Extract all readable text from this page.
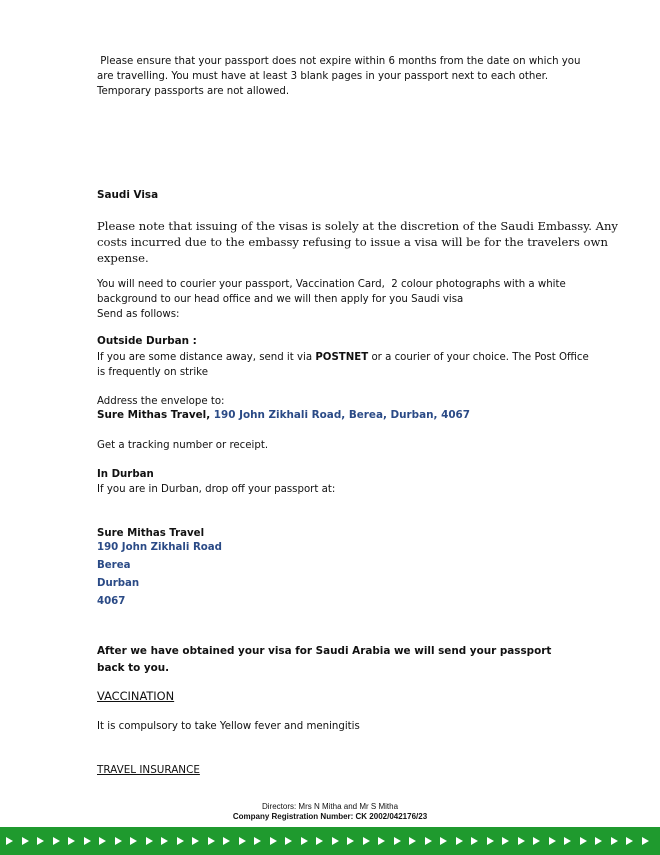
Please ensure that your passport does not expire within 6 months from the date on which you
are travelling. You must have at least 3 blank pages in your passport next to each other.
Temporary passports are not allowed.
Saudi Visa
Please note that issuing of the visas is solely at the discretion of the Saudi Embassy. Any
costs incurred due to the embassy refusing to issue a visa will be for the travelers own
expense.
You will need to courier your passport, Vaccination Card,  2 colour photographs with a white
background to our head office and we will then apply for you Saudi visa
Send as follows:
Outside Durban :
If you are some distance away, send it via POSTNET or a courier of your choice. The Post Office
is frequently on strike
Address the envelope to:
Sure Mithas Travel, 190 John Zikhali Road, Berea, Durban, 4067
Get a tracking number or receipt.
In Durban
If you are in Durban, drop off your passport at:
Sure Mithas Travel
190 John Zikhali Road
Berea
Durban
4067
After we have obtained your visa for Saudi Arabia we will send your passport
back to you.
VACCINATION
It is compulsory to take Yellow fever and meningitis
TRAVEL INSURANCE
Directors: Mrs N Mitha and Mr S Mitha
Company Registration Number: CK 2002/042176/23
